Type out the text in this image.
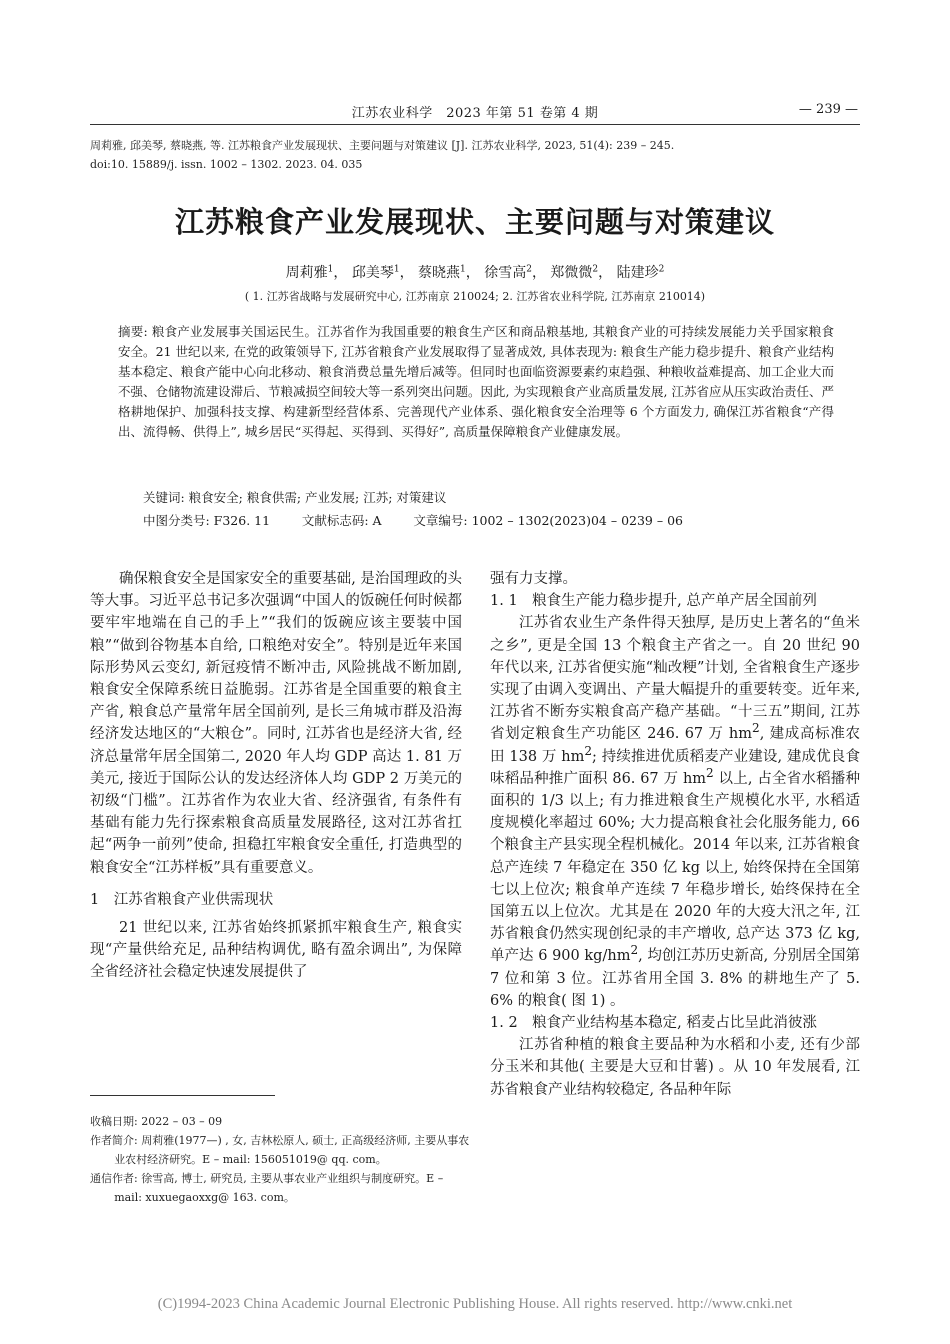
江苏农业科学　2023 年第 51 卷第 4 期	— 239 —
周莉雅, 邱美琴, 蔡晓燕, 等. 江苏粮食产业发展现状、主要问题与对策建议 [J]. 江苏农业科学, 2023, 51(4): 239 – 245.
doi:10. 15889/j. issn. 1002 – 1302. 2023. 04. 035
江苏粮食产业发展现状、主要问题与对策建议
周莉雅$^1$， 邱美琴$^1$， 蔡晓燕$^1$， 徐雪高$^2$， 郑微微$^2$， 陆建珍$^2$
( 1. 江苏省战略与发展研究中心, 江苏南京 210024; 2. 江苏省农业科学院, 江苏南京 210014)
摘要: 粮食产业发展事关国运民生。江苏省作为我国重要的粮食生产区和商品粮基地, 其粮食产业的可持续发展能力关乎国家粮食安全。21 世纪以来, 在党的政策领导下, 江苏省粮食产业发展取得了显著成效, 具体表现为: 粮食生产能力稳步提升、粮食产业结构基本稳定、粮食产能中心向北移动、粮食消费总量先增后减等。但同时也面临资源要素约束趋强、种粮收益难提高、加工企业大而不强、仓储物流建设滞后、节粮减损空间较大等一系列突出问题。因此, 为实现粮食产业高质量发展, 江苏省应从压实政治责任、严格耕地保护、加强科技支撑、构建新型经营体系、完善现代产业体系、强化粮食安全治理等 6 个方面发力, 确保江苏省粮食“产得出、流得畅、供得上”, 城乡居民“买得起、买得到、买得好”, 高质量保障粮食产业健康发展。
关键词: 粮食安全; 粮食供需; 产业发展; 江苏; 对策建议
中图分类号: F326. 11	文献标志码: A	文章编号: 1002 – 1302(2023)04 – 0239 – 06

确保粮食安全是国家安全的重要基础, 是治国理政的头等大事。习近平总书记多次强调“中国人的饭碗任何时候都要牢牢地端在自己的手上”“我们的饭碗应该主要装中国粮”“做到谷物基本自给, 口粮绝对安全”。特别是近年来国际形势风云变幻, 新冠疫情不断冲击, 风险挑战不断加剧, 粮食安全保障系统日益脆弱。江苏省是全国重要的粮食主产省, 粮食总产量常年居全国前列, 是长三角城市群及沿海经济发达地区的“大粮仓”。同时, 江苏省也是经济大省, 经济总量常年居全国第二, 2020 年人均 GDP 高达 1. 81 万美元, 接近于国际公认的发达经济体人均 GDP 2 万美元的初级“门槛”。江苏省作为农业大省、经济强省, 有条件有基础有能力先行探索粮食高质量发展路径, 这对江苏省扛起“两争一前列”使命, 担稳扛牢粮食安全重任, 打造典型的粮食安全“江苏样板”具有重要意义。

1　江苏省粮食产业供需现状

21 世纪以来, 江苏省始终抓紧抓牢粮食生产, 粮食实现“产量供给充足, 品种结构调优, 略有盈余调出”, 为保障全省经济社会稳定快速发展提供了

强有力支撑。

1. 1　粮食生产能力稳步提升, 总产单产居全国前列

江苏省农业生产条件得天独厚, 是历史上著名的“鱼米之乡”, 更是全国 13 个粮食主产省之一。自 20 世纪 90 年代以来, 江苏省便实施“籼改粳”计划, 全省粮食生产逐步实现了由调入变调出、产量大幅提升的重要转变。近年来, 江苏省不断夯实粮食高产稳产基础。“十三五”期间, 江苏省划定粮食生产功能区 246. 67 万 $hm^2$, 建成高标准农田 138 万 $hm^2$; 持续推进优质稻麦产业建设, 建成优良食味稻品种推广面积 86. 67 万 $hm^2$ 以上, 占全省水稻播种面积的 1/3 以上; 有力推进粮食生产规模化水平, 水稻适度规模化率超过 60%; 大力提高粮食社会化服务能力, 66 个粮食主产县实现全程机械化。2014 年以来, 江苏省粮食总产连续 7 年稳定在 350 亿 kg 以上, 始终保持在全国第七以上位次; 粮食单产连续 7 年稳步增长, 始终保持在全国第五以上位次。尤其是在 2020 年的大疫大汛之年, 江苏省粮食仍然实现创纪录的丰产增收, 总产达 373 亿 kg, 单产达 6 900 $kg/hm^2$, 均创江苏历史新高, 分别居全国第 7 位和第 3 位。江苏省用全国 3. 8% 的耕地生产了 5. 6% 的粮食( 图 1) 。

1. 2　粮食产业结构基本稳定, 稻麦占比呈此消彼涨

江苏省种植的粮食主要品种为水稻和小麦, 还有少部分玉米和其他( 主要是大豆和甘薯) 。从 10 年发展看, 江苏省粮食产业结构较稳定, 各品种年际

收稿日期: 2022 – 03 – 09
作者简介: 周莉雅(1977—) , 女, 吉林松原人, 硕士, 正高级经济师, 主要从事农业农村经济研究。E – mail: 156051019@ qq. com。
通信作者: 徐雪高, 博士, 研究员, 主要从事农业产业组织与制度研究。E – mail: xuxuegaoxxg@ 163. com。
(C)1994-2023 China Academic Journal Electronic Publishing House. All rights reserved. http://www.cnki.net
